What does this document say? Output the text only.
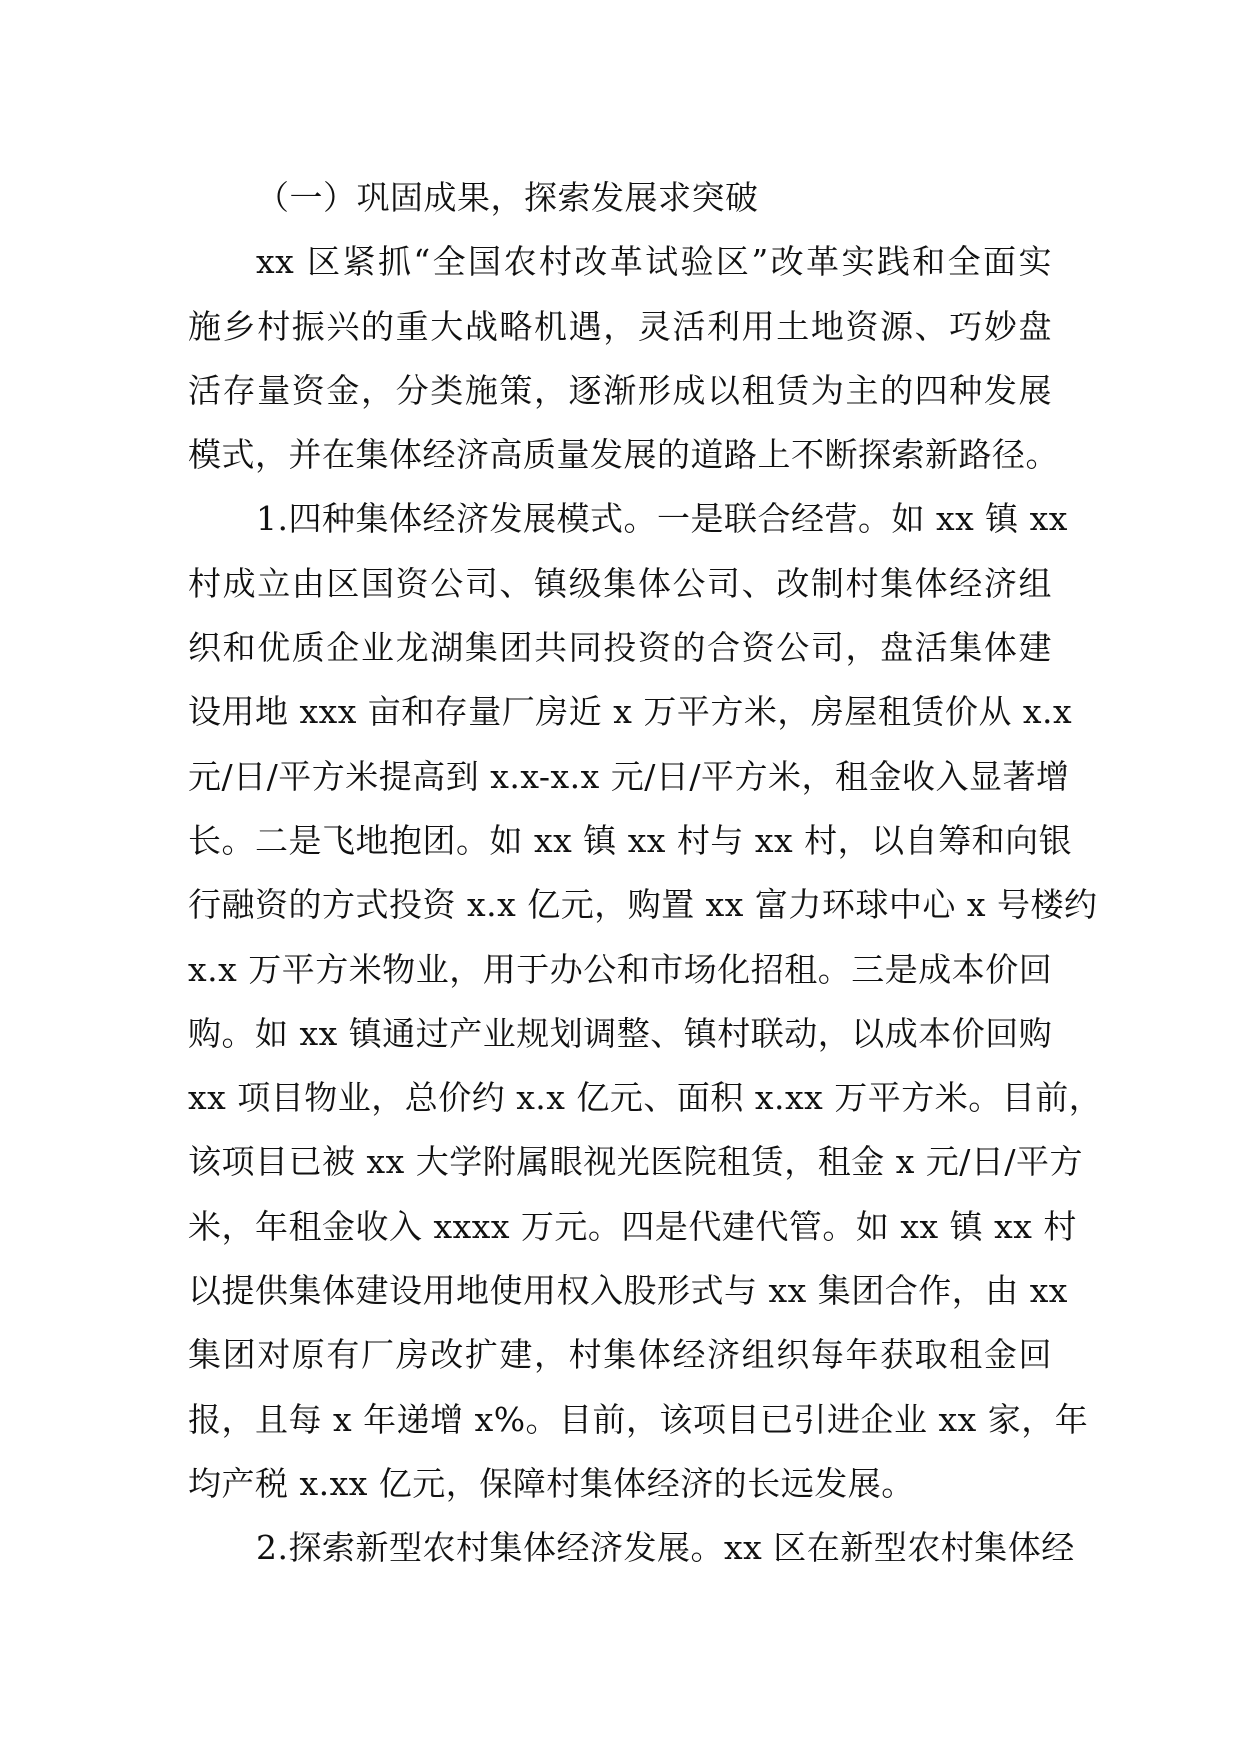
（一）巩固成果，探索发展求突破
xx 区紧抓“全国农村改革试验区”改革实践和全面实
施乡村振兴的重大战略机遇，灵活利用土地资源、巧妙盘
活存量资金，分类施策，逐渐形成以租赁为主的四种发展
模式，并在集体经济高质量发展的道路上不断探索新路径。
1.四种集体经济发展模式。一是联合经营。如 xx 镇 xx
村成立由区国资公司、镇级集体公司、改制村集体经济组
织和优质企业龙湖集团共同投资的合资公司，盘活集体建
设用地 xxx 亩和存量厂房近 x 万平方米，房屋租赁价从 x.x
元/日/平方米提高到 x.x-x.x 元/日/平方米，租金收入显著增
长。二是飞地抱团。如 xx 镇 xx 村与 xx 村，以自筹和向银
行融资的方式投资 x.x 亿元，购置 xx 富力环球中心 x 号楼约
x.x 万平方米物业，用于办公和市场化招租。三是成本价回
购。如 xx 镇通过产业规划调整、镇村联动，以成本价回购
xx 项目物业，总价约 x.x 亿元、面积 x.xx 万平方米。目前，
该项目已被 xx 大学附属眼视光医院租赁，租金 x 元/日/平方
米，年租金收入 xxxx 万元。四是代建代管。如 xx 镇 xx 村
以提供集体建设用地使用权入股形式与 xx 集团合作，由 xx
集团对原有厂房改扩建，村集体经济组织每年获取租金回
报，且每 x 年递增 x%。目前，该项目已引进企业 xx 家，年
均产税 x.xx 亿元，保障村集体经济的长远发展。
2.探索新型农村集体经济发展。xx 区在新型农村集体经
